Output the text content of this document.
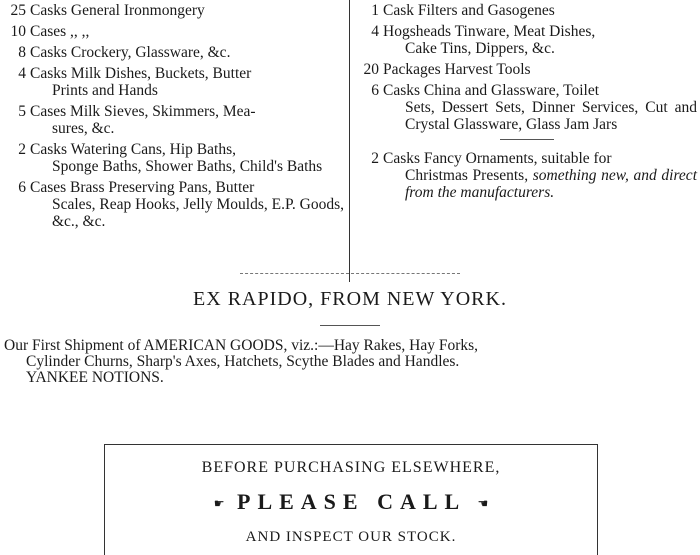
25 Casks General Ironmongery
10 Cases ,, ,,
8 Casks Crockery, Glassware, &c.
4 Casks Milk Dishes, Buckets, Butter
Prints and Hands
5 Cases Milk Sieves, Skimmers, Mea-
sures, &c.
2 Casks Watering Cans, Hip Baths,
Sponge Baths, Shower Baths, Child's Baths
6 Cases Brass Preserving Pans, Butter
Scales, Reap Hooks, Jelly Moulds, E.P. Goods, &c., &c.
1 Cask Filters and Gasogenes
4 Hogsheads Tinware, Meat Dishes,
Cake Tins, Dippers, &c.
20 Packages Harvest Tools
6 Casks China and Glassware, Toilet
Sets, Dessert Sets, Dinner Services, Cut and Crystal Glassware, Glass Jam Jars
2 Casks Fancy Ornaments, suitable for
Christmas Presents, something new, and direct from the manufacturers.
EX RAPIDO, FROM NEW YORK.
Our First Shipment of AMERICAN GOODS, viz.:—Hay Rakes, Hay Forks,
Cylinder Churns, Sharp's Axes, Hatchets, Scythe Blades and Handles.
YANKEE NOTIONS.
BEFORE PURCHASING ELSEWHERE,
☛ PLEASE CALL ☚
AND INSPECT OUR STOCK.
